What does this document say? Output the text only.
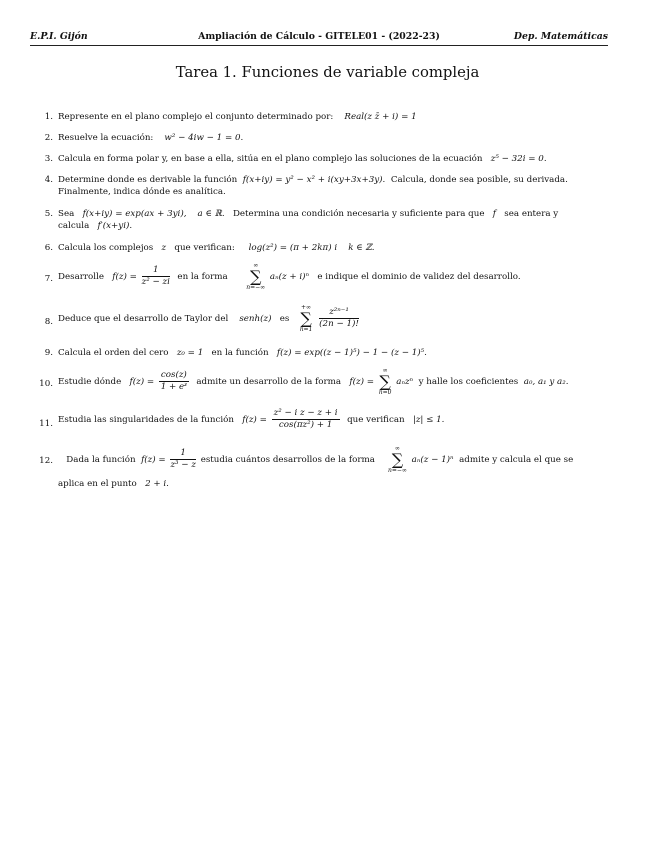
E.P.I. Gijón	Ampliación de Cálculo - GITELE01 - (2022-23)	Dep. Matemáticas
Tarea 1. Funciones de variable compleja
1. Represente en el plano complejo el conjunto determinado por: Real(z z̄ + i) = 1
2. Resuelve la ecuación: w² − 4iw − 1 = 0.
3. Calcula en forma polar y, en base a ella, sitúa en el plano complejo las soluciones de la ecuación z⁵ − 32i = 0.
4. Determine donde es derivable la función f(x+iy) = y² − x² + i(xy+3x+3y). Calcula, donde sea posible, su derivada.
Finalmente, indica dónde es analítica.
5. Sea f(x+iy) = exp(ax + 3yi), a ∈ ℝ. Determina una condición necesaria y suficiente para que f sea entera y
calcula f′(x+yi).
6. Calcula los complejos z que verifican: log(z²) = (π + 2kπ) i k ∈ ℤ.
7. Desarrolle $f(z) = \frac{1}{\text{z² − zi}}$ en la forma
∞
∑
n=−∞
aₙ(z + i)ⁿ e indique el dominio de validez del desarrollo.
8. Deduce que el desarrollo de Taylor del senh(z) es
+∞
∑
n=1
$\frac{\text{z²ⁿ⁻¹}}{(2n - 1)!}$
9. Calcula el orden del cero z₀ = 1 en la función f(z) = exp((z − 1)⁵) − 1 − (z − 1)⁵.
10. Estudie dónde $f(z) = \frac{\cos(z)}{\text{1 + eᶻ}}$ admite un desarrollo de la forma f(z) =
∞
∑
n=0
aₙzⁿ y halle los coeficientes a₀, a₁ y a₂.
11. Estudia las singularidades de la función $f(z) = \frac{\text{z² − i z − z + i}}{\text{cos(πz²) + 1}}$ que verifican |z| ≤ 1.
12.	Dada la función $f(z) = \frac{1}{\text{z³ − z}}$ estudia cuántos desarrollos de la forma
∞
∑
n=−∞
aₙ(z − 1)ⁿ admite y calcula el que se
aplica en el punto 2 + i.
